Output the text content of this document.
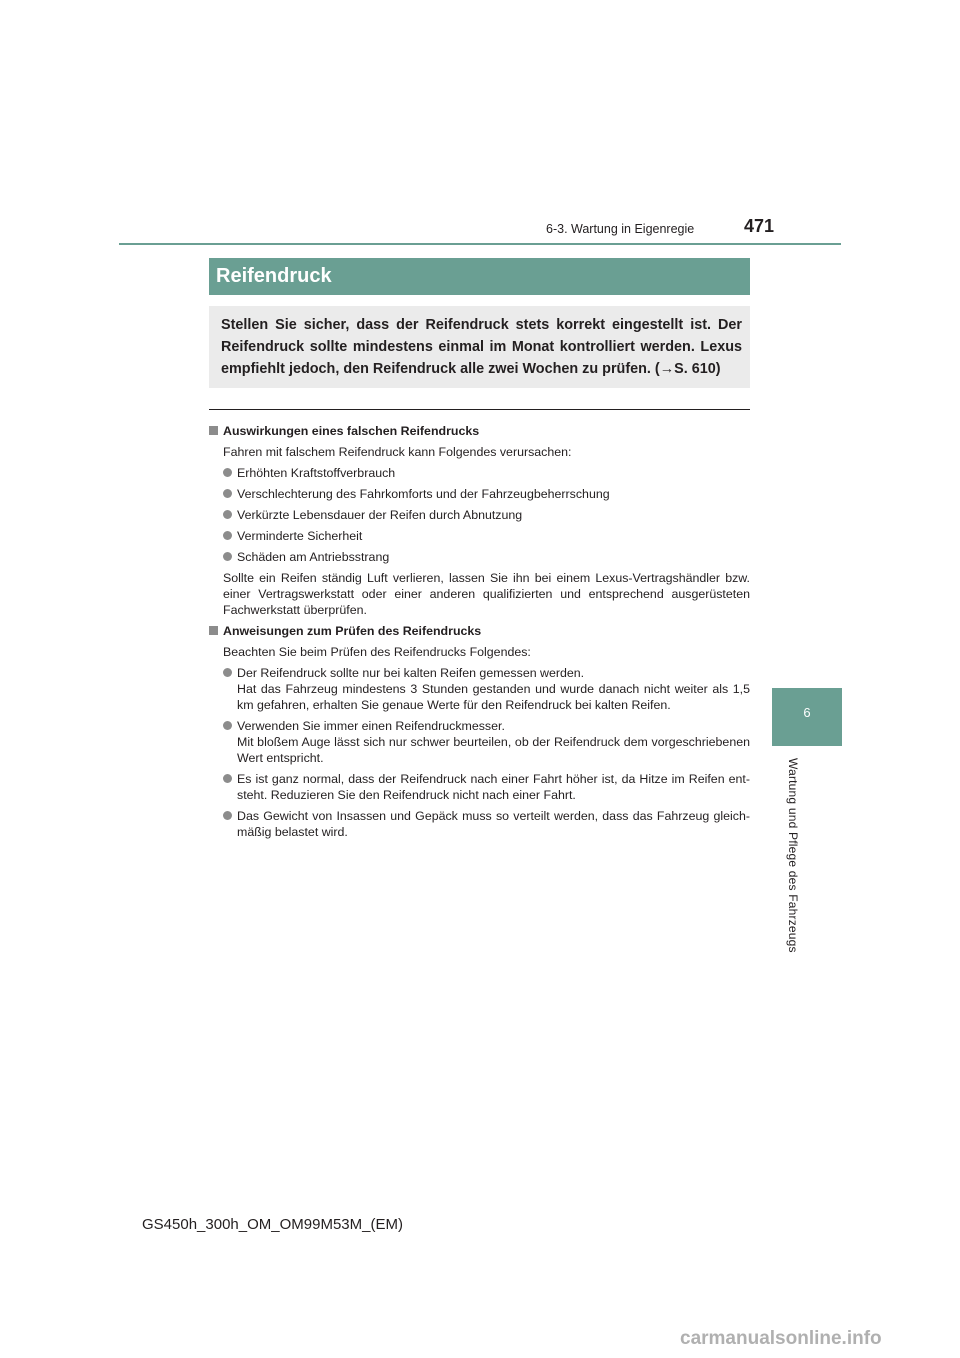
6-3. Wartung in Eigenregie	471
6
Wartung und Pflege des Fahrzeugs
Reifendruck
Stellen Sie sicher, dass der Reifendruck stets korrekt eingestellt ist. Der Reifendruck sollte mindestens einmal im Monat kontrolliert werden. Lexus empfiehlt jedoch, den Reifendruck alle zwei Wochen zu prüfen. (→S. 610)
Auswirkungen eines falschen Reifendrucks
Fahren mit falschem Reifendruck kann Folgendes verursachen:
Erhöhten Kraftstoffverbrauch
Verschlechterung des Fahrkomforts und der Fahrzeugbeherrschung
Verkürzte Lebensdauer der Reifen durch Abnutzung
Verminderte Sicherheit
Schäden am Antriebsstrang
Sollte ein Reifen ständig Luft verlieren, lassen Sie ihn bei einem Lexus-Vertragshändler bzw. einer Vertragswerkstatt oder einer anderen qualifizierten und entsprechend ausgerüsteten Fachwerkstatt überprüfen.
Anweisungen zum Prüfen des Reifendrucks
Beachten Sie beim Prüfen des Reifendrucks Folgendes:
Der Reifendruck sollte nur bei kalten Reifen gemessen werden.
Hat das Fahrzeug mindestens 3 Stunden gestanden und wurde danach nicht weiter als 1,5 km gefahren, erhalten Sie genaue Werte für den Reifendruck bei kalten Reifen.
Verwenden Sie immer einen Reifendruckmesser.
Mit bloßem Auge lässt sich nur schwer beurteilen, ob der Reifendruck dem vorgeschriebenen Wert entspricht.
Es ist ganz normal, dass der Reifendruck nach einer Fahrt höher ist, da Hitze im Reifen entsteht. Reduzieren Sie den Reifendruck nicht nach einer Fahrt.
Das Gewicht von Insassen und Gepäck muss so verteilt werden, dass das Fahrzeug gleichmäßig belastet wird.
GS450h_300h_OM_OM99M53M_(EM)
carmanualsonline.info
